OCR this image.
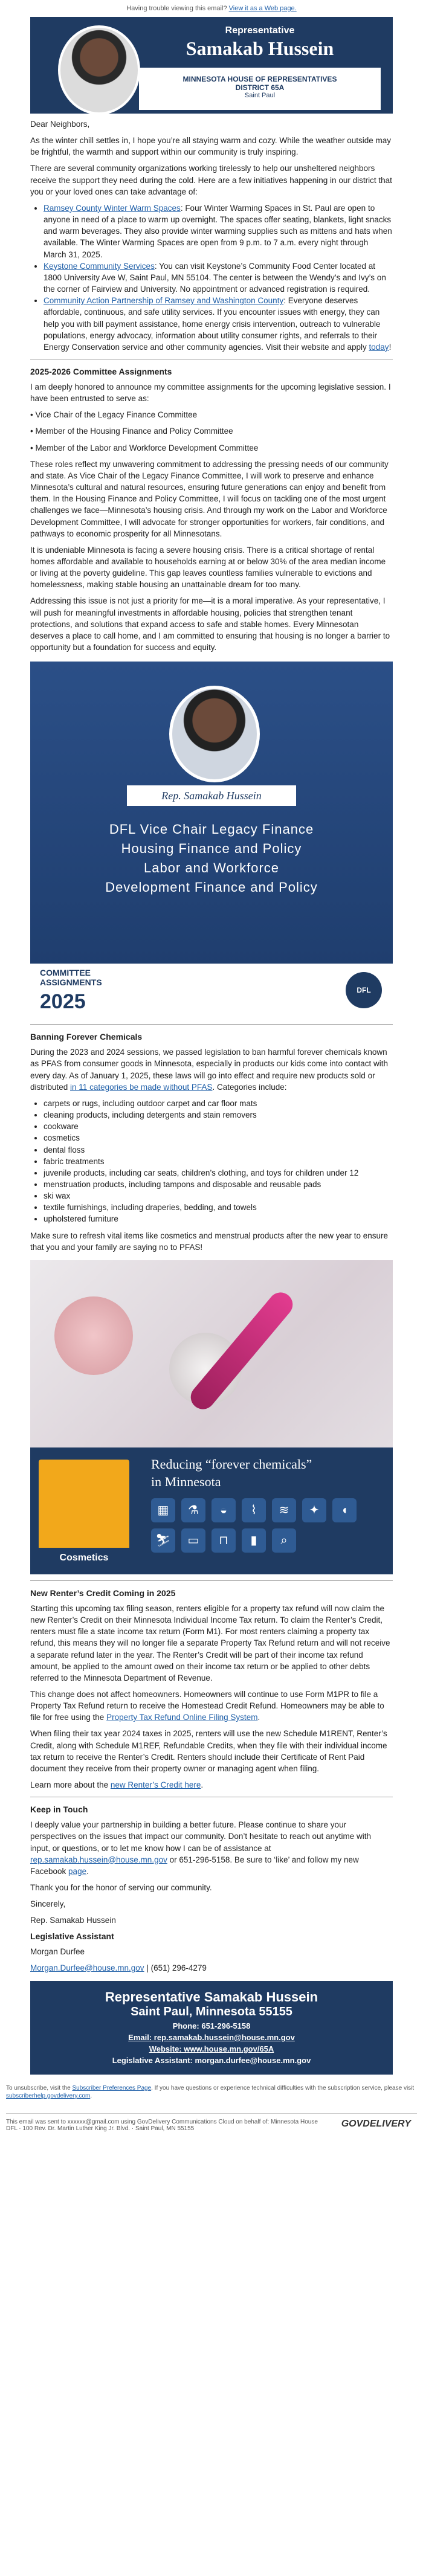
Having trouble viewing this email? View it as a Web page.
Representative
Samakab Hussein
MINNESOTA HOUSE OF REPRESENTATIVES
DISTRICT 65A
Saint Paul

Dear Neighbors,

As the winter chill settles in, I hope you’re all staying warm and cozy. While the weather outside may be frightful, the warmth and support within our community is truly inspiring.

There are several community organizations working tirelessly to help our unsheltered neighbors receive the support they need during the cold. Here are a few initiatives happening in our district that you or your loved ones can take advantage of:

• Ramsey County Winter Warm Spaces: Four Winter Warming Spaces in St. Paul are open to anyone in need of a place to warm up overnight. The spaces offer seating, blankets, light snacks and warm beverages. They also provide winter warming supplies such as mittens and hats when available. The Winter Warming Spaces are open from 9 p.m. to 7 a.m. every night through March 31, 2025.
• Keystone Community Services: You can visit Keystone’s Community Food Center located at 1800 University Ave W, Saint Paul, MN 55104. The center is between the Wendy’s and Ivy’s on the corner of Fairview and University. No appointment or advanced registration is required.
• Community Action Partnership of Ramsey and Washington County: Everyone deserves affordable, continuous, and safe utility services. If you encounter issues with energy, they can help you with bill payment assistance, home energy crisis intervention, outreach to vulnerable populations, energy advocacy, information about utility consumer rights, and referrals to their Energy Conservation service and other community agencies. Visit their website and apply today!
2025-2026 Committee Assignments

I am deeply honored to announce my committee assignments for the upcoming legislative session. I have been entrusted to serve as:

• Vice Chair of the Legacy Finance Committee

• Member of the Housing Finance and Policy Committee

• Member of the Labor and Workforce Development Committee

These roles reflect my unwavering commitment to addressing the pressing needs of our community and state. As Vice Chair of the Legacy Finance Committee, I will work to preserve and enhance Minnesota’s cultural and natural resources, ensuring future generations can enjoy and benefit from them. In the Housing Finance and Policy Committee, I will focus on tackling one of the most urgent challenges we face—Minnesota’s housing crisis. And through my work on the Labor and Workforce Development Committee, I will advocate for stronger opportunities for workers, fair conditions, and pathways to economic prosperity for all Minnesotans.

It is undeniable Minnesota is facing a severe housing crisis. There is a critical shortage of rental homes affordable and available to households earning at or below 30% of the area median income or living at the poverty guideline. This gap leaves countless families vulnerable to evictions and homelessness, making stable housing an unattainable dream for too many.

Addressing this issue is not just a priority for me—it is a moral imperative. As your representative, I will push for meaningful investments in affordable housing, policies that strengthen tenant protections, and solutions that expand access to safe and stable homes. Every Minnesotan deserves a place to call home, and I am committed to ensuring that housing is no longer a barrier to opportunity but a foundation for success and equity.

Rep. Samakab Hussein
DFL Vice Chair Legacy Finance
Housing Finance and Policy
Labor and Workforce
Development Finance and Policy
COMMITTEE
ASSIGNMENTS
2025	DFL
Banning Forever Chemicals

During the 2023 and 2024 sessions, we passed legislation to ban harmful forever chemicals known as PFAS from consumer goods in Minnesota, especially in products our kids come into contact with every day. As of January 1, 2025, these laws will go into effect and require new products sold or distributed in 11 categories be made without PFAS. Categories include:

• carpets or rugs, including outdoor carpet and car floor mats
• cleaning products, including detergents and stain removers
• cookware
• cosmetics
• dental floss
• fabric treatments
• juvenile products, including car seats, children’s clothing, and toys for children under 12
• menstruation products, including tampons and disposable and reusable pads
• ski wax
• textile furnishings, including draperies, bedding, and towels
• upholstered furniture

Make sure to refresh vital items like cosmetics and menstrual products after the new year to ensure that you and your family are saying no to PFAS!

Cosmetics
Reducing “forever chemicals”
in Minnesota
▦	⚗	◒	⌇	≋	✦	◖
⛷	▭	⊓	▮	⌕
New Renter’s Credit Coming in 2025

Starting this upcoming tax filing season, renters eligible for a property tax refund will now claim the new Renter’s Credit on their Minnesota Individual Income Tax return. To claim the Renter’s Credit, renters must file a state income tax return (Form M1). For most renters claiming a property tax refund, this means they will no longer file a separate Property Tax Refund return and will not receive a separate refund later in the year. The Renter’s Credit will be part of their income tax refund amount, be applied to the amount owed on their income tax return or be applied to other debts referred to the Minnesota Department of Revenue.

This change does not affect homeowners. Homeowners will continue to use Form M1PR to file a Property Tax Refund return to receive the Homestead Credit Refund. Homeowners may be able to file for free using the Property Tax Refund Online Filing System.

When filing their tax year 2024 taxes in 2025, renters will use the new Schedule M1RENT, Renter’s Credit, along with Schedule M1REF, Refundable Credits, when they file with their individual income tax return to receive the Renter’s Credit. Renters should include their Certificate of Rent Paid document they receive from their property owner or managing agent when filing.

Learn more about the new Renter’s Credit here.

Keep in Touch

I deeply value your partnership in building a better future. Please continue to share your perspectives on the issues that impact our community. Don’t hesitate to reach out anytime with input, or questions, or to let me know how I can be of assistance at rep.samakab.hussein@house.mn.gov or 651-296-5158. Be sure to ‘like’ and follow my new Facebook page.

Thank you for the honor of serving our community.

Sincerely,

Rep. Samakab Hussein

Legislative Assistant

Morgan Durfee

Morgan.Durfee@house.mn.gov | (651) 296-4279

Representative Samakab Hussein
Saint Paul, Minnesota 55155
Phone: 651-296-5158
Email: rep.samakab.hussein@house.mn.gov
Website: www.house.mn.gov/65A
Legislative Assistant: morgan.durfee@house.mn.gov
To unsubscribe, visit the Subscriber Preferences Page. If you have questions or experience technical difficulties with the subscription service, please visit subscriberhelp.govdelivery.com.
This email was sent to xxxxxx@gmail.com using GovDelivery Communications Cloud on behalf of: Minnesota House DFL · 100 Rev. Dr. Martin Luther King Jr. Blvd. · Saint Paul, MN 55155	GOVDELIVERY
